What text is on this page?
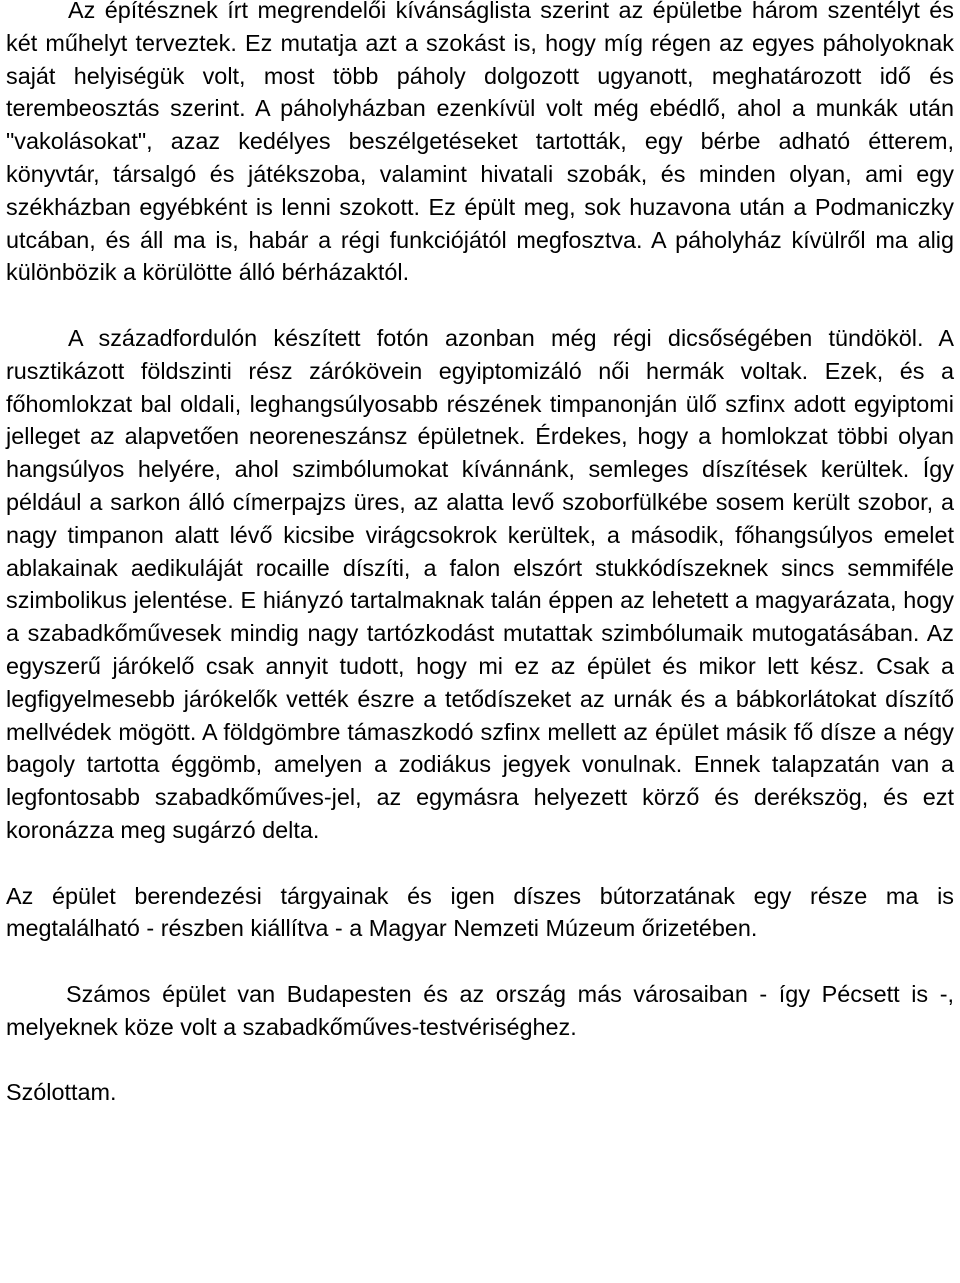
Az építésznek írt megrendelői kívánságlista szerint az épületbe három szentélyt és két műhelyt terveztek. Ez mutatja azt a szokást is, hogy míg régen az egyes páholyoknak saját helyiségük volt, most több páholy dolgozott ugyanott, meghatározott idő és terembeosztás szerint. A páholyházban ezenkívül volt még ebédlő, ahol a munkák után "vakolásokat", azaz kedélyes beszélgetéseket tartották, egy bérbe adható étterem, könyvtár, társalgó és játékszoba, valamint hivatali szobák, és minden olyan, ami egy székházban egyébként is lenni szokott. Ez épült meg, sok huzavona után a Podmaniczky utcában, és áll ma is, habár a régi funkciójától megfosztva. A páholyház kívülről ma alig különbözik a körülötte álló bérházaktól.

A századfordulón készített fotón azonban még régi dicsőségében tündököl. A rusztikázott földszinti rész zárókövein egyiptomizáló női hermák voltak. Ezek, és a főhomlokzat bal oldali, leghangsúlyosabb részének timpanonján ülő szfinx adott egyiptomi jelleget az alapvetően neoreneszánsz épületnek. Érdekes, hogy a homlokzat többi olyan hangsúlyos helyére, ahol szimbólumokat kívánnánk, semleges díszítések kerültek. Így például a sarkon álló címerpajzs üres, az alatta levő szoborfülkébe sosem került szobor, a nagy timpanon alatt lévő kicsibe virágcsokrok kerültek, a második, főhangsúlyos emelet ablakainak aedikuláját rocaille díszíti, a falon elszórt stukkódíszeknek sincs semmiféle szimbolikus jelentése. E hiányzó tartalmaknak talán éppen az lehetett a magyarázata, hogy a szabadkőművesek mindig nagy tartózkodást mutattak szimbólumaik mutogatásában. Az egyszerű járókelő csak annyit tudott, hogy mi ez az épület és mikor lett kész. Csak a legfigyelmesebb járókelők vették észre a tetődíszeket az urnák és a bábkorlátokat díszítő mellvédek mögött. A földgömbre támaszkodó szfinx mellett az épület másik fő dísze a négy bagoly tartotta éggömb, amelyen a zodiákus jegyek vonulnak. Ennek talapzatán van a legfontosabb szabadkőműves-jel, az egymásra helyezett körző és derékszög, és ezt koronázza meg sugárzó delta.

Az épület berendezési tárgyainak és igen díszes bútorzatának egy része ma is megtalálható - részben kiállítva - a Magyar Nemzeti Múzeum őrizetében.

Számos épület van Budapesten és az ország más városaiban - így Pécsett is -, melyeknek köze volt a szabadkőműves-testvériséghez.

Szólottam.
